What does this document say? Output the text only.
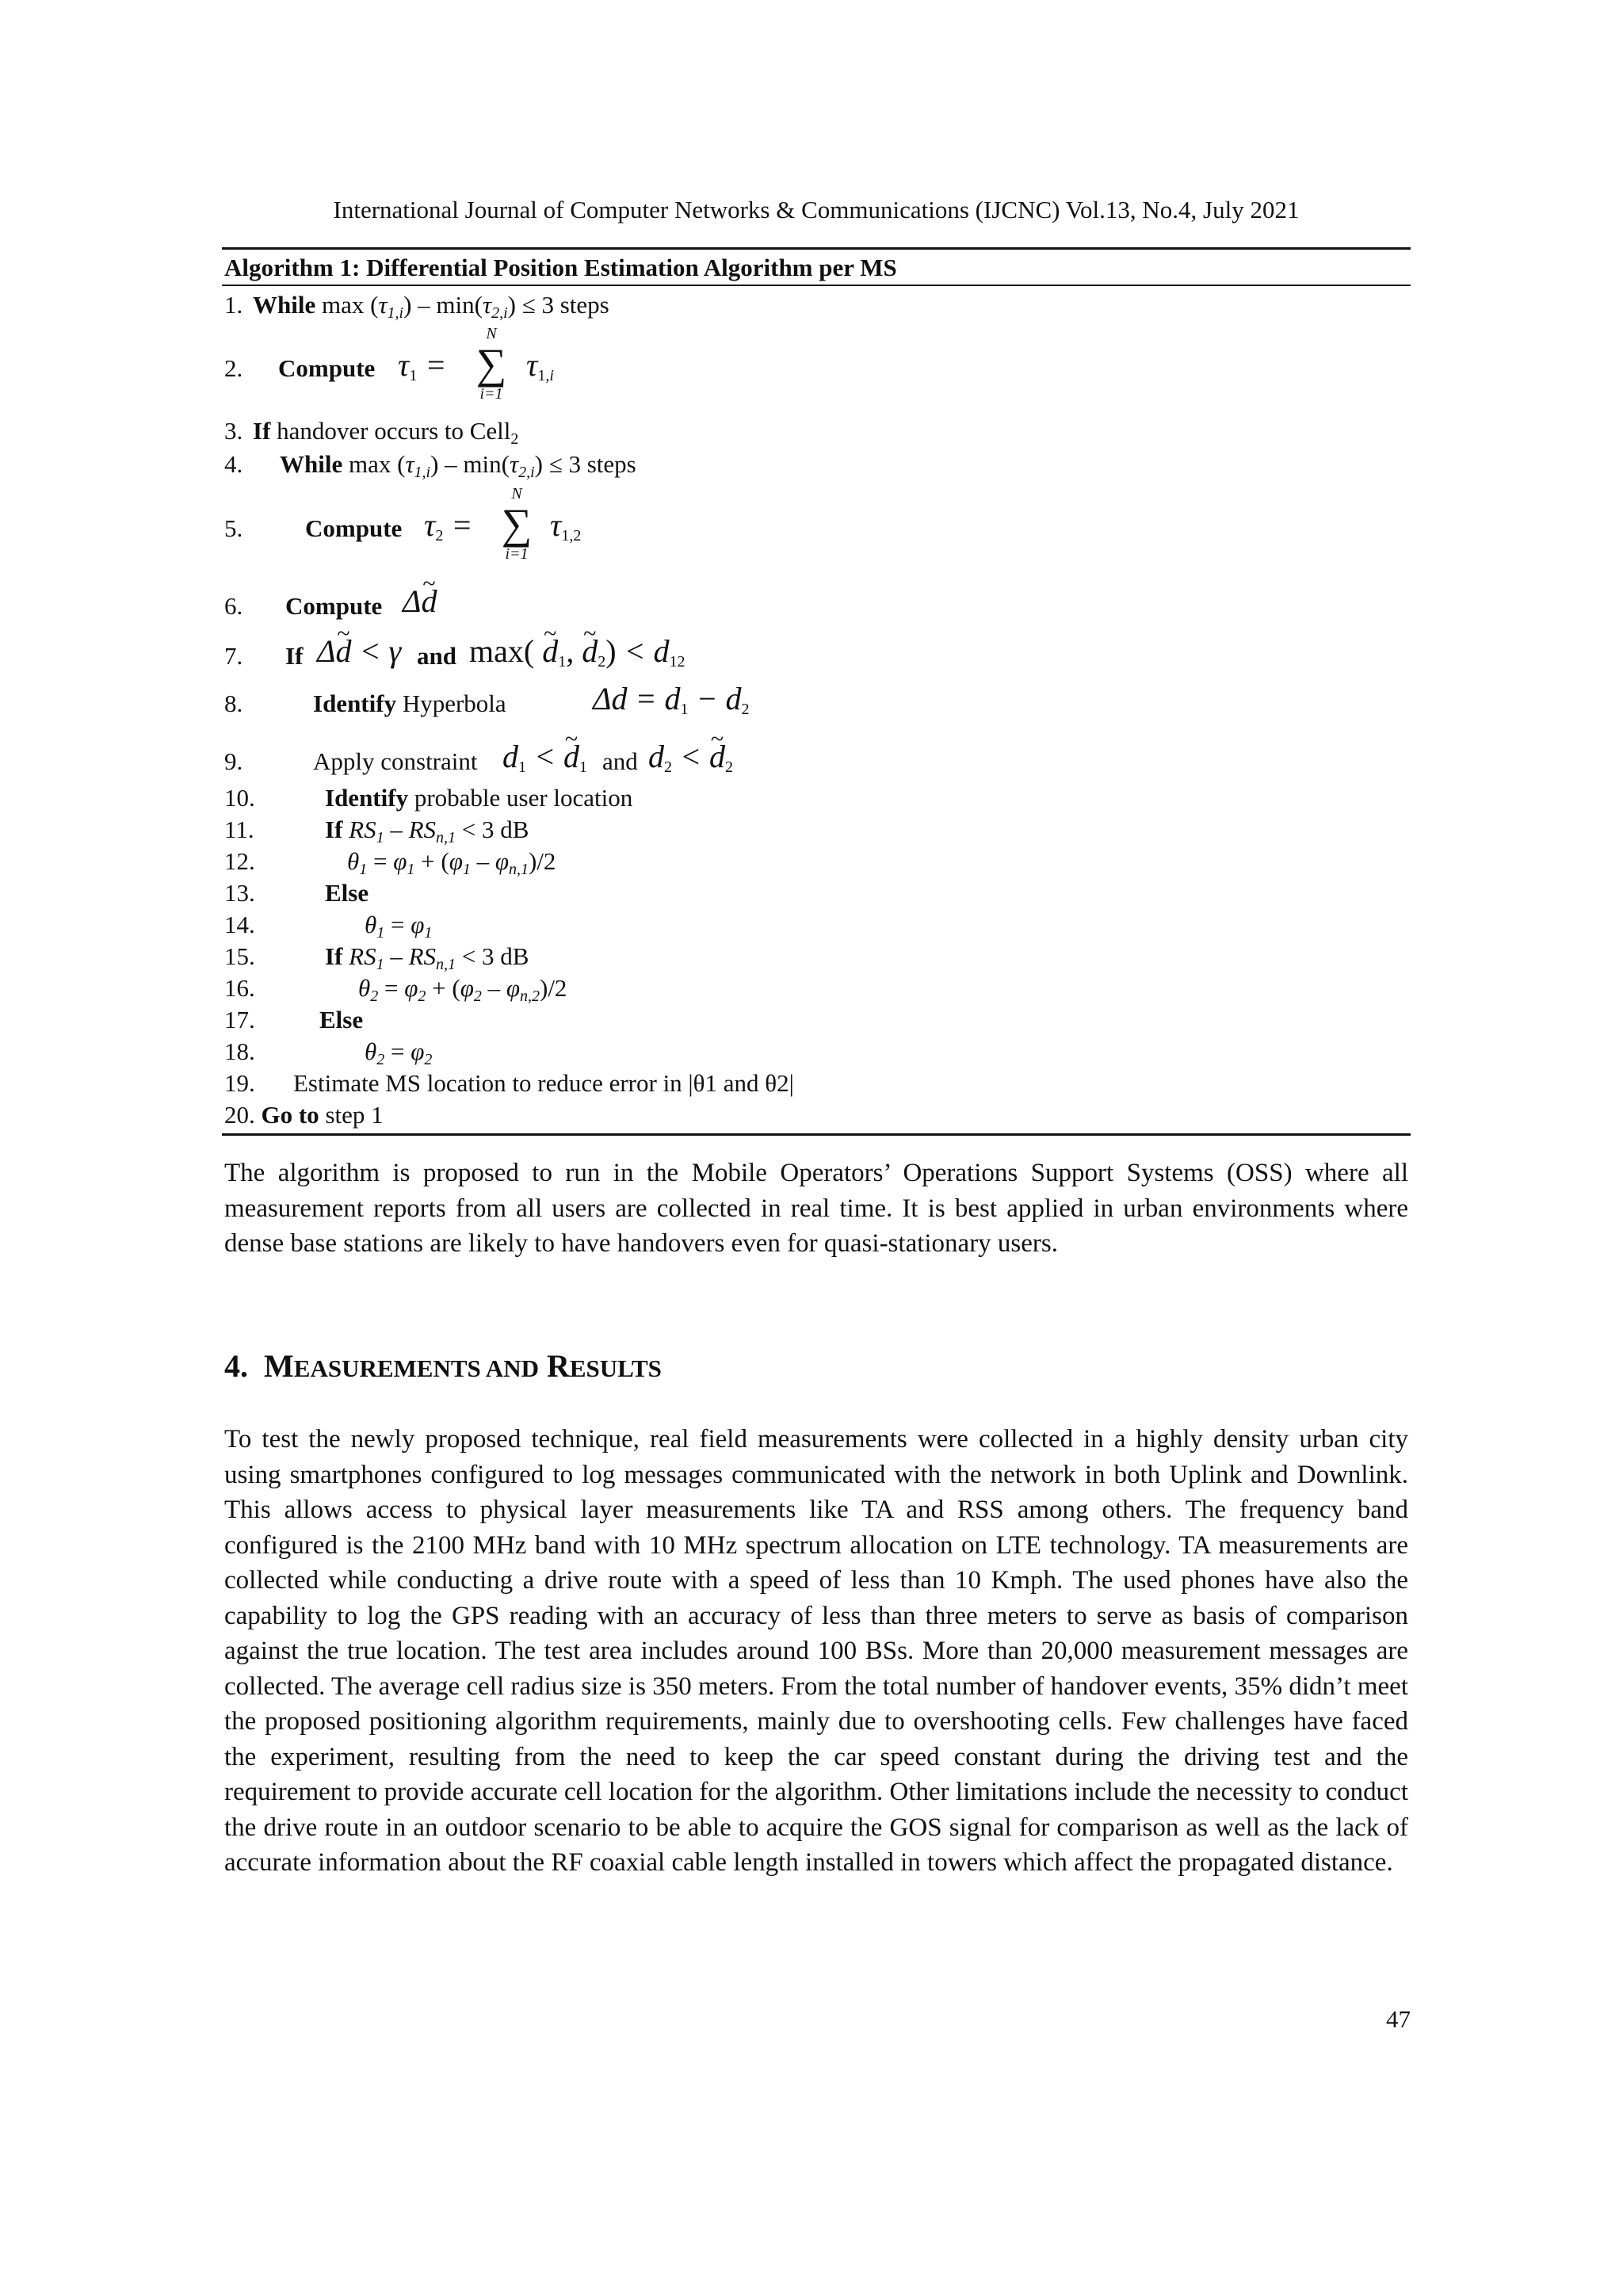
International Journal of Computer Networks & Communications (IJCNC) Vol.13, No.4, July 2021
Algorithm 1: Differential Position Estimation Algorithm per MS
1. While max (τ1,i) – min(τ2,i) ≤ 3 steps
2. Compute $\tau_1$ =	$\tau_{1,}i$
N
∑
i=1
3. If handover occurs to Cell$_2$
4. While max (τ1,i) – min(τ2,i) ≤ 3 steps
5.	Compute $\tau_2 = \tau_{1,2}$
N
∑
i=1
6. Compute Δ~ d
7. If Δ~ d < γ and max( ~ $d_1$, ~ $d_2) < d_{12}$
8.	Identify Hyperbola	$\Delta d = d_1 - d_2$
9.	Apply constraint $d_1$ < ~ $d_1$ and $d_2$ < ~ $d_2$
10.	Identify probable user location
11.	If RS1 – RSn,1 < 3 dB
12.	θ1 = φ1 + (φ1 – φn,1)/2
13.	Else
14.	θ1 = φ1
15.	If RS1 – RSn,1 < 3 dB
16.	θ2 = φ2 + (φ2 – φn,2)/2
17.	Else
18.	θ2 = φ2
19. Estimate MS location to reduce error in |θ1 and θ2|
20. Go to step 1

The algorithm is proposed to run in the Mobile Operators’ Operations Support Systems (OSS) where all measurement reports from all users are collected in real time. It is best applied in urban environments where dense base stations are likely to have handovers even for quasi-stationary users.

4.  MEASUREMENTS AND RESULTS

To test the newly proposed technique, real field measurements were collected in a highly density urban city using smartphones configured to log messages communicated with the network in both Uplink and Downlink. This allows access to physical layer measurements like TA and RSS among others. The frequency band configured is the 2100 MHz band with 10 MHz spectrum allocation on LTE technology. TA measurements are collected while conducting a drive route with a speed of less than 10 Kmph. The used phones have also the capability to log the GPS reading with an accuracy of less than three meters to serve as basis of comparison against the true location. The test area includes around 100 BSs. More than 20,000 measurement messages are collected. The average cell radius size is 350 meters. From the total number of handover events, 35% didn’t meet the proposed positioning algorithm requirements, mainly due to overshooting cells. Few challenges have faced the experiment, resulting from the need to keep the car speed constant during the driving test and the requirement to provide accurate cell location for the algorithm. Other limitations include the necessity to conduct the drive route in an outdoor scenario to be able to acquire the GOS signal for comparison as well as the lack of accurate information about the RF coaxial cable length installed in towers which affect the propagated distance.

47
